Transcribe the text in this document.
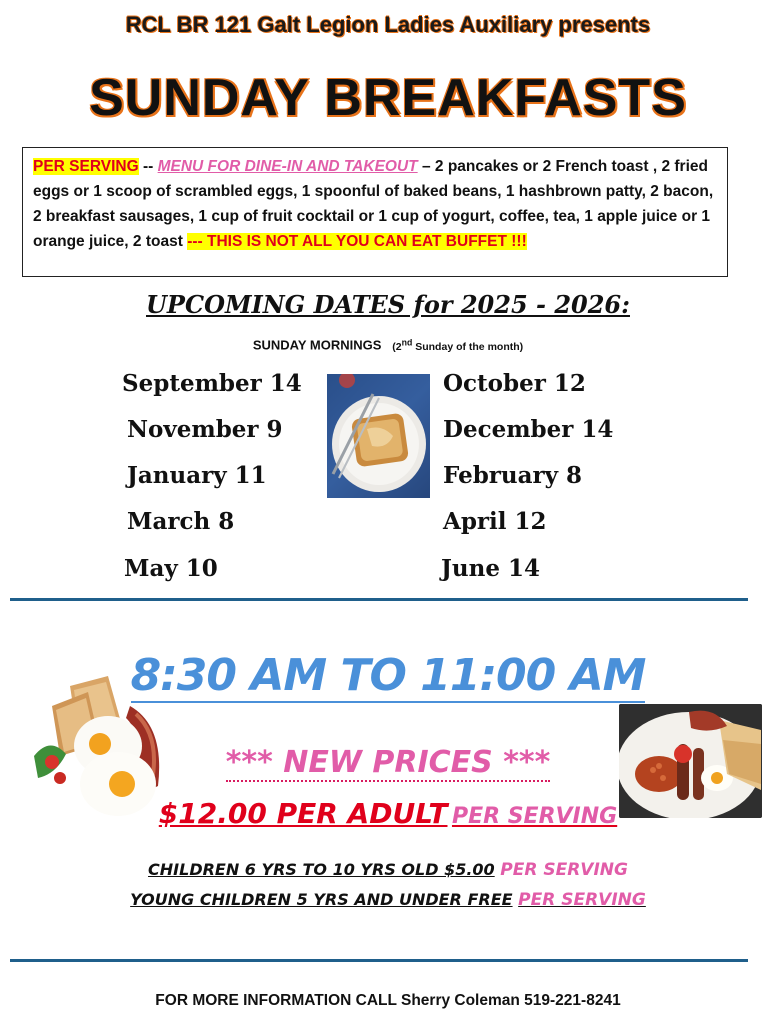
RCL BR 121 Galt Legion Ladies Auxiliary presents
SUNDAY BREAKFASTS
PER SERVING -- MENU FOR DINE-IN AND TAKEOUT – 2 pancakes or 2 French toast , 2 fried eggs or 1 scoop of scrambled eggs, 1 spoonful of baked beans, 1 hashbrown patty, 2 bacon, 2 breakfast sausages, 1 cup of fruit cocktail or 1 cup of yogurt, coffee, tea, 1 apple juice or 1 orange juice, 2 toast --- THIS IS NOT ALL YOU CAN EAT BUFFET !!!
UPCOMING DATES for 2025 - 2026:
SUNDAY MORNINGS (2nd Sunday of the month)
September 14
November 9
January 11
March 8
May 10
October 12
December 14
February 8
April 12
June 14
8:30 AM TO 11:00 AM
*** NEW PRICES ***
$12.00 PER ADULT PER SERVING
CHILDREN 6 YRS TO 10 YRS OLD $5.00 PER SERVING
YOUNG CHILDREN 5 YRS AND UNDER FREE PER SERVING
FOR MORE INFORMATION CALL Sherry Coleman 519-221-8241
